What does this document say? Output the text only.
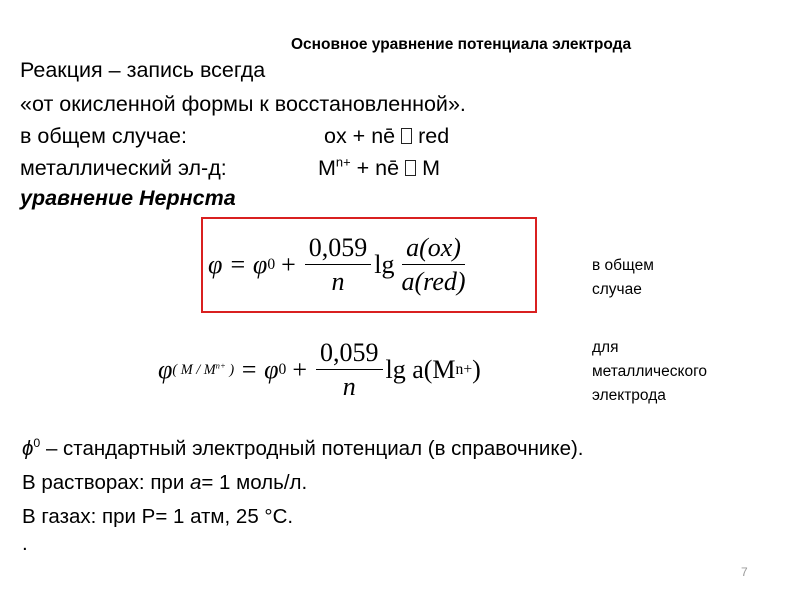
Основное уравнение потенциала электрода
Реакция – запись всегда
«от окисленной формы к восстановленной».
в общем случае:	ox + nē red
металлический эл-д:	$M^{n+}$ + nē M
уравнение Нернста
φ = φ $0 + \frac{0,059}{n}$ $\lg \frac{a(ox)}{\text{a(red)}}$	в общем
случае
φ ( M / $M^{n+}$ ) = φ $0 + \frac{0,059}{n}$ lg a(M n+ )
для
металлического
электрода
$\phi^0$ – стандартный электродный потенциал (в справочнике).
В растворах: при а= 1 моль/л.
В газах: при P= 1 атм, 25 °С.
.
7
